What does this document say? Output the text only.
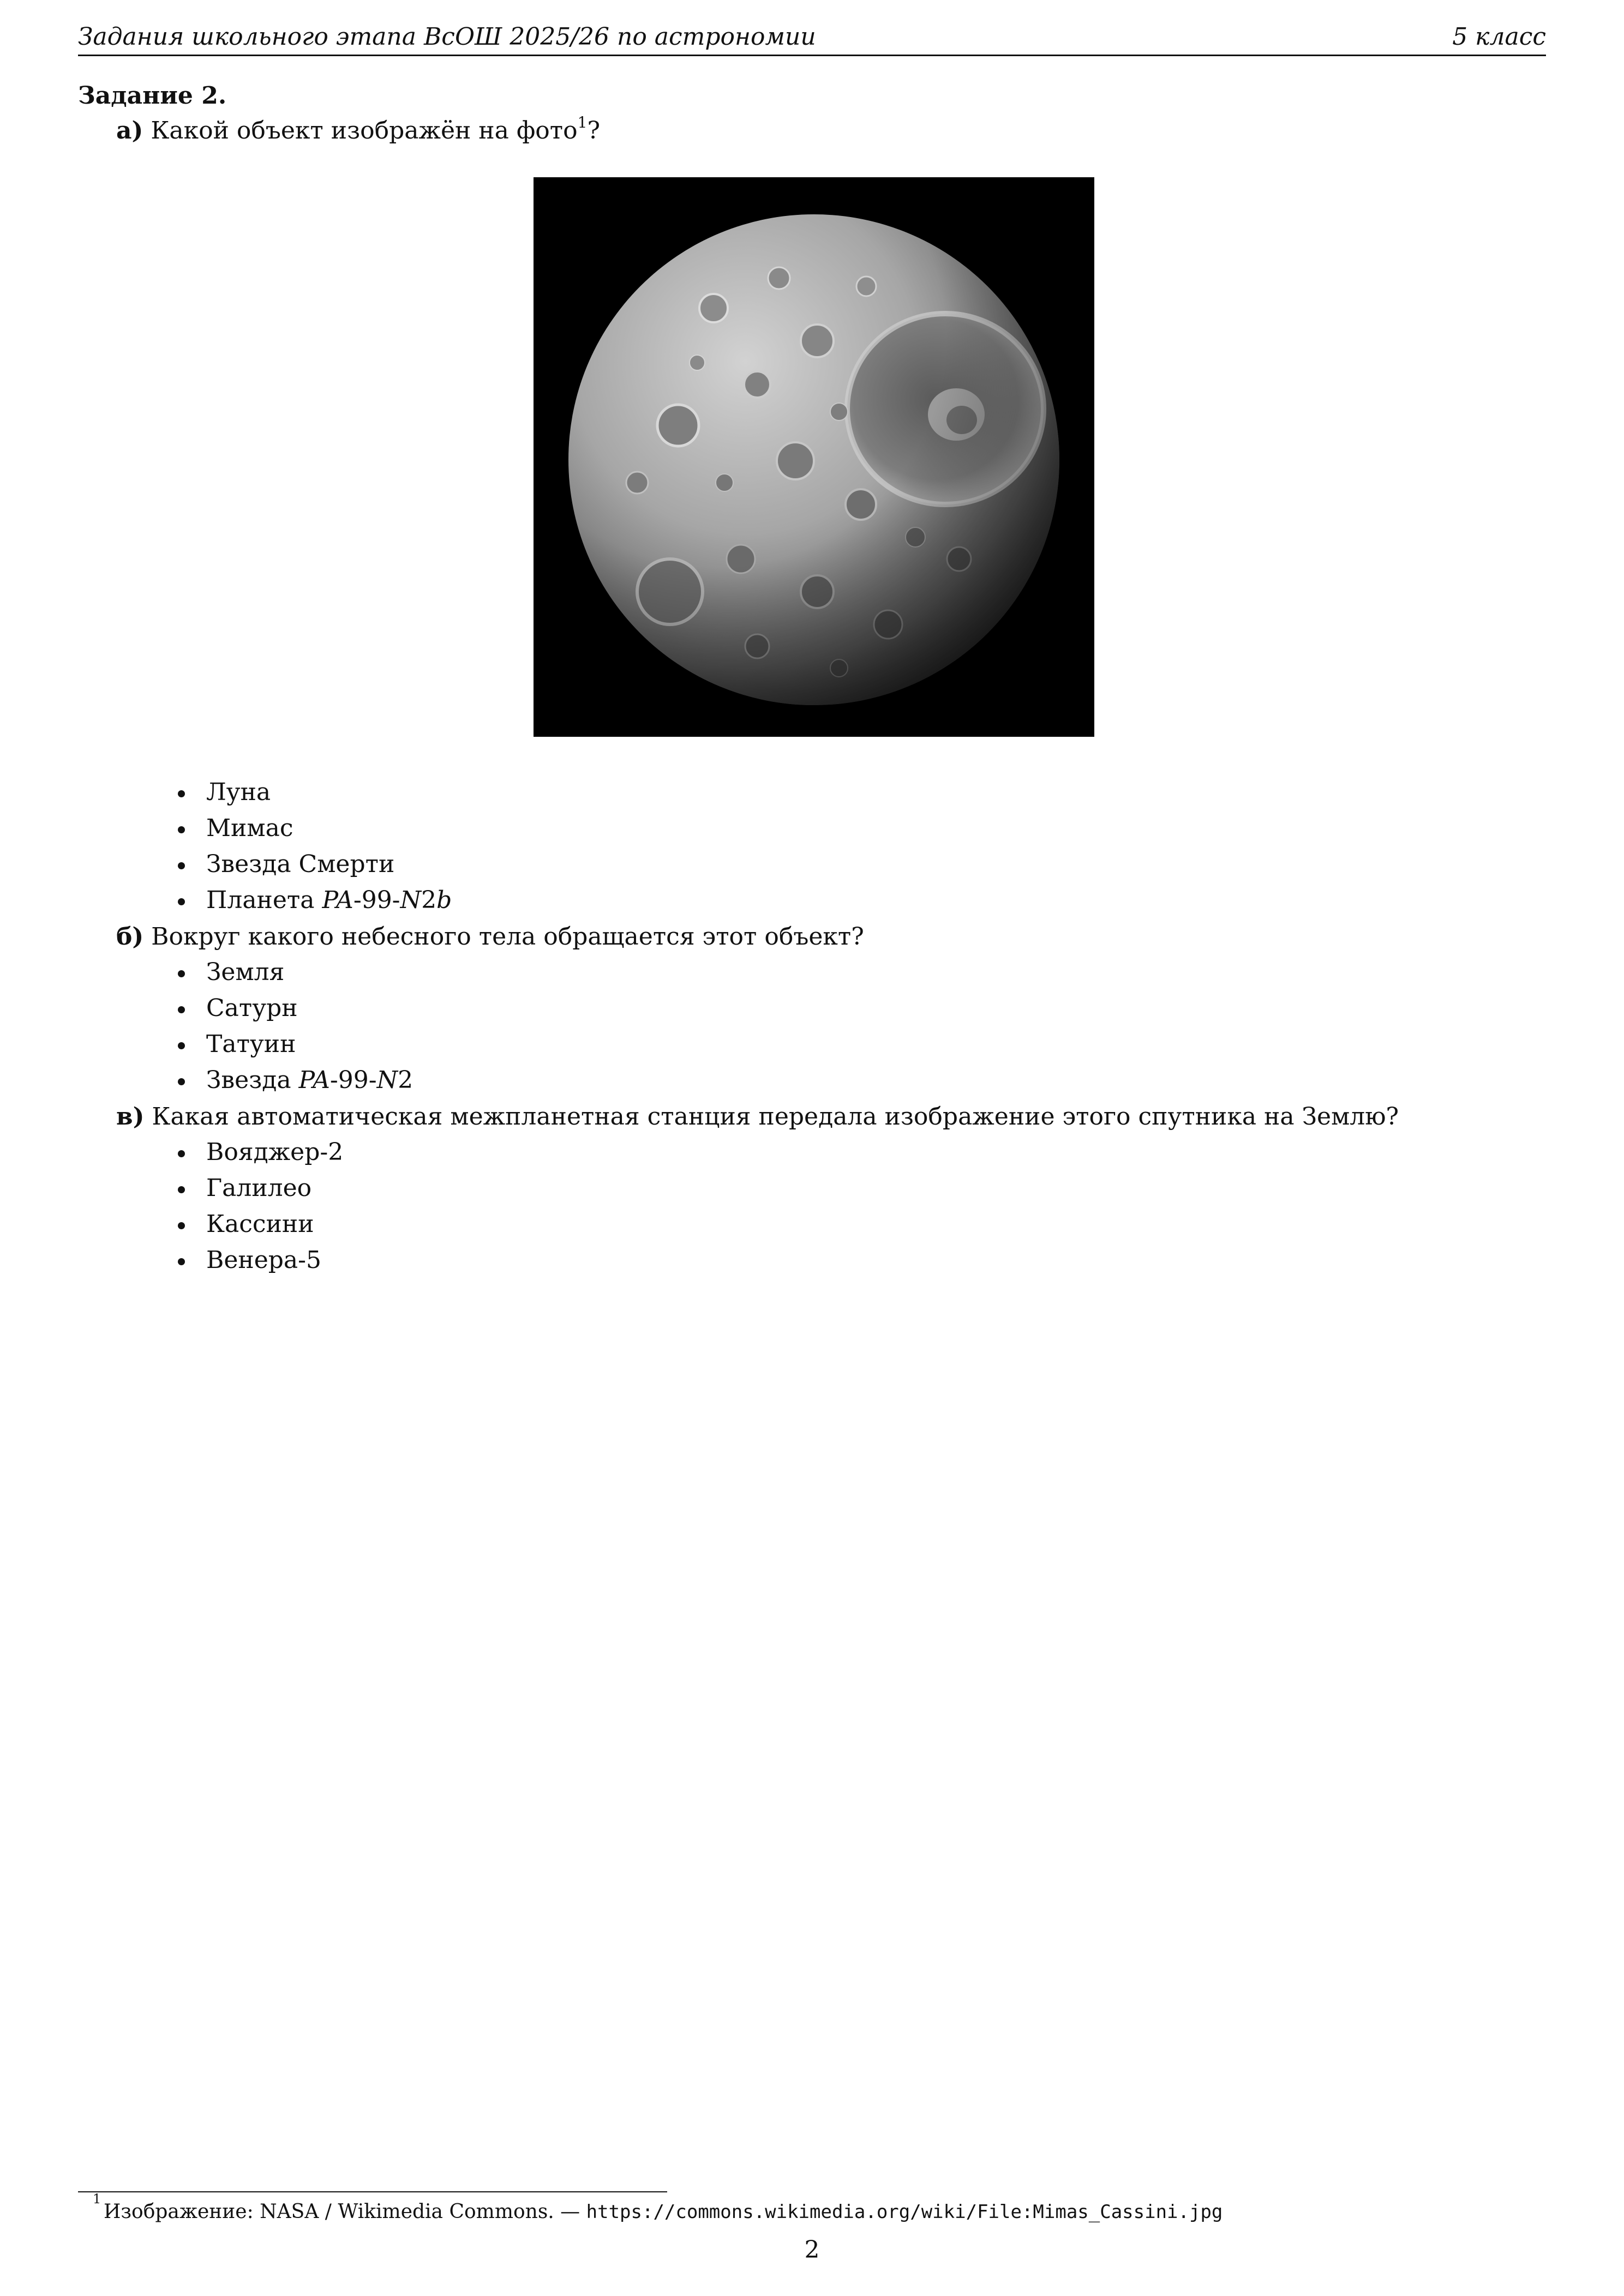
Задания школьного этапа ВсОШ 2025/26 по астрономии	5 класс
Задание 2.
а) Какой объект изображён на фото$^1$?
Луна
Мимас
Звезда Смерти
Планета PA-99-N2b
б) Вокруг какого небесного тела обращается этот объект?
Земля
Сатурн
Татуин
Звезда PA-99-N2
в) Какая автоматическая межпланетная станция передала изображение этого спутника на Землю?
Вояджер-2
Галилео
Кассини
Венера-5
1
Изображение: NASA / Wikimedia Commons. — https://commons.wikimedia.org/wiki/File:Mimas_Cassini.jpg
2
